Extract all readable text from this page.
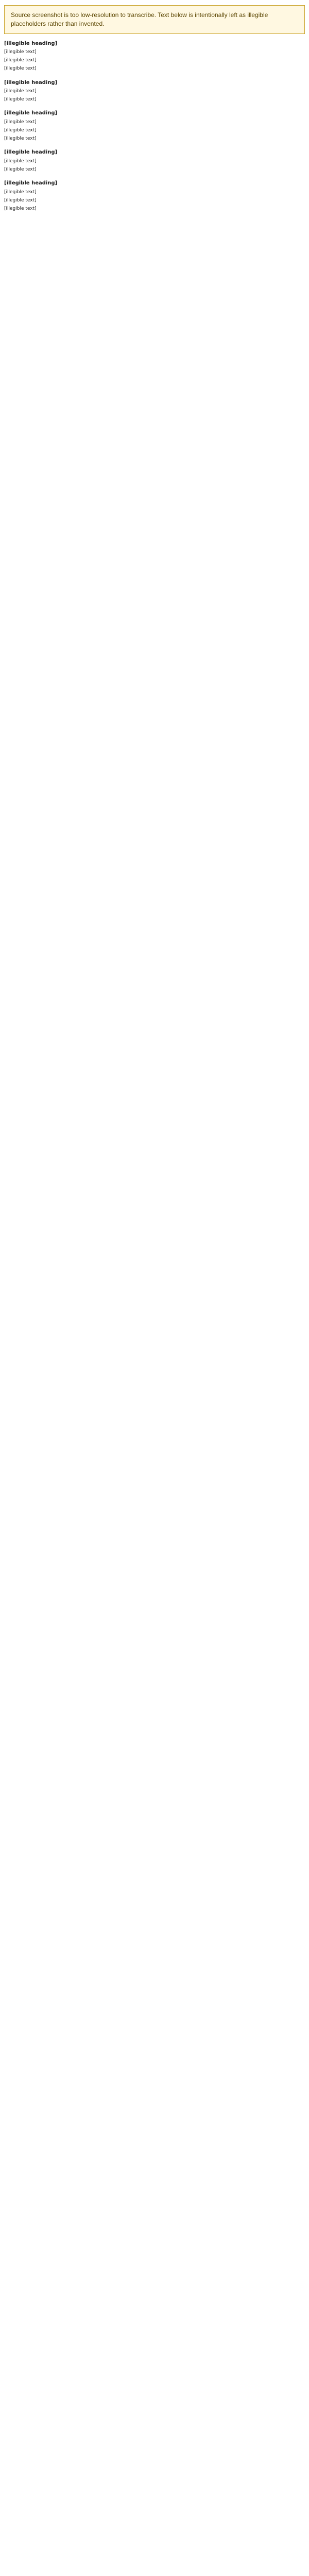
Source screenshot is too low-resolution to transcribe. Text below is intentionally left as illegible placeholders rather than invented.
[illegible heading]

[illegible text]

[illegible text]

[illegible text]

[illegible heading]

[illegible text]

[illegible text]

[illegible heading]

[illegible text]

[illegible text]

[illegible text]

[illegible heading]

[illegible text]

[illegible text]

[illegible heading]

[illegible text]

[illegible text]

[illegible text]
